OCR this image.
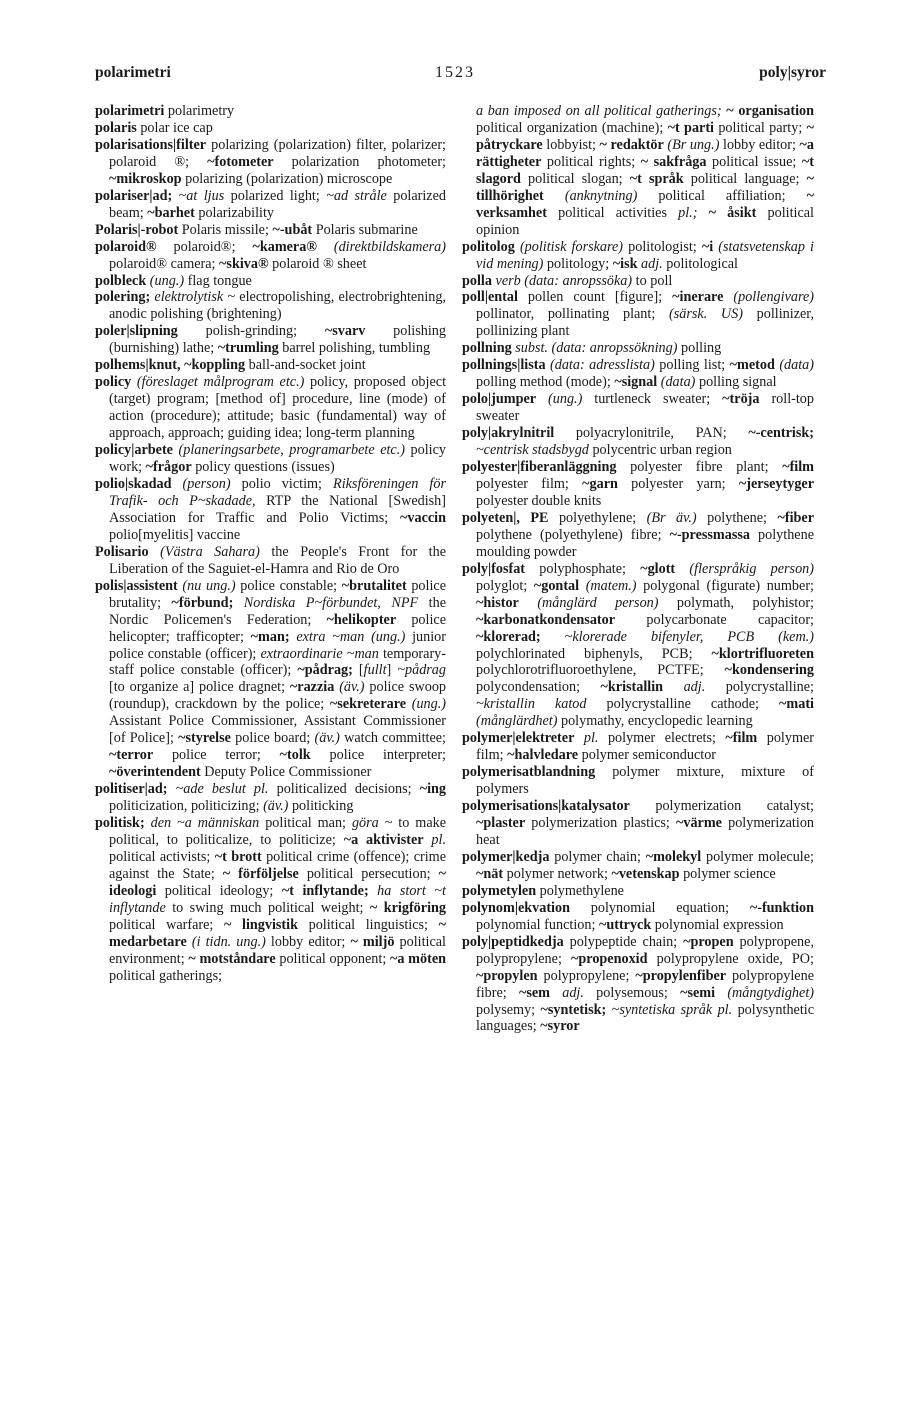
polarimetri	1523	poly|syror
polarimetri polarimetry
polaris polar ice cap
polarisations|filter polarizing (polarization) filter, polarizer; polaroid ®; ~fotometer polarization photometer; ~mikroskop polarizing (polarization) microscope
polariser|ad; ~at ljus polarized light; ~ad stråle polarized beam; ~barhet polarizability
Polaris|-robot Polaris missile; ~-ubåt Polaris submarine
polaroid® polaroid®; ~kamera® (direktbildskamera) polaroid® camera; ~skiva® polaroid ® sheet
polbleck (ung.) flag tongue
polering; elektrolytisk ~ electropolishing, electrobrightening, anodic polishing (brightening)
poler|slipning polish-grinding; ~svarv polishing (burnishing) lathe; ~trumling barrel polishing, tumbling
polhems|knut, ~koppling ball-and-socket joint
policy (föreslaget målprogram etc.) policy, proposed object (target) program; [method of] procedure, line (mode) of action (procedure); attitude; basic (fundamental) way of approach, approach; guiding idea; long-term planning
policy|arbete (planeringsarbete, programarbete etc.) policy work; ~frågor policy questions (issues)
polio|skadad (person) polio victim; Riksföreningen för Trafik- och P~skadade, RTP the National [Swedish] Association for Traffic and Polio Victims; ~vaccin polio[myelitis] vaccine
Polisario (Västra Sahara) the People's Front for the Liberation of the Saguiet-el-Hamra and Rio de Oro
polis|assistent (nu ung.) police constable; ~brutalitet police brutality; ~förbund; Nordiska P~förbundet, NPF the Nordic Policemen's Federation; ~helikopter police helicopter; trafficopter; ~man; extra ~man (ung.) junior police constable (officer); extraordinarie ~man temporary-staff police constable (officer); ~pådrag; [fullt] ~pådrag [to organize a] police dragnet; ~razzia (äv.) police swoop (roundup), crackdown by the police; ~sekreterare (ung.) Assistant Police Commissioner, Assistant Commissioner [of Police]; ~styrelse police board; (äv.) watch committee; ~terror police terror; ~tolk police interpreter; ~överintendent Deputy Police Commissioner
politiser|ad; ~ade beslut pl. politicalized decisions; ~ing politicization, politicizing; (äv.) politicking
politisk; den ~a människan political man; göra ~ to make political, to politicalize, to politicize; ~a aktivister pl. political activists; ~t brott political crime (offence); crime against the State; ~ förföljelse political persecution; ~ ideologi political ideology; ~t inflytande; ha stort ~t inflytande to swing much political weight; ~ krigföring political warfare; ~ lingvistik political linguistics; ~ medarbetare (i tidn. ung.) lobby editor; ~ miljö political environment; ~ motståndare political opponent; ~a möten political gatherings;
a ban imposed on all political gatherings; ~ organisation political organization (machine); ~t parti political party; ~ påtryckare lobbyist; ~ redaktör (Br ung.) lobby editor; ~a rättigheter political rights; ~ sakfråga political issue; ~t slagord political slogan; ~t språk political language; ~ tillhörighet (anknytning) political affiliation; ~ verksamhet political activities pl.; ~ åsikt political opinion
politolog (politisk forskare) politologist; ~i (statsvetenskap i vid mening) politology; ~isk adj. politological
polla verb (data: anropssöka) to poll
poll|ental pollen count [figure]; ~inerare (pollengivare) pollinator, pollinating plant; (särsk. US) pollinizer, pollinizing plant
pollning subst. (data: anropssökning) polling
pollnings|lista (data: adresslista) polling list; ~metod (data) polling method (mode); ~signal (data) polling signal
polo|jumper (ung.) turtleneck sweater; ~tröja roll-top sweater
poly|akrylnitril polyacrylonitrile, PAN; ~-centrisk; ~centrisk stadsbygd polycentric urban region
polyester|fiberanläggning polyester fibre plant; ~film polyester film; ~garn polyester yarn; ~jerseytyger polyester double knits
polyeten|, PE polyethylene; (Br äv.) polythene; ~fiber polythene (polyethylene) fibre; ~-pressmassa polythene moulding powder
poly|fosfat polyphosphate; ~glott (flerspråkig person) polyglot; ~gontal (matem.) polygonal (figurate) number; ~histor (månglärd person) polymath, polyhistor; ~karbonatkondensator polycarbonate capacitor; ~klorerad; ~klorerade bifenyler, PCB (kem.) polychlorinated biphenyls, PCB; ~klortrifluoreten polychlorotrifluoroethylene, PCTFE; ~kondensering polycondensation; ~kristallin adj. polycrystalline; ~kristallin katod polycrystalline cathode; ~mati (månglärdhet) polymathy, encyclopedic learning
polymer|elektreter pl. polymer electrets; ~film polymer film; ~halvledare polymer semiconductor
polymerisatblandning polymer mixture, mixture of polymers
polymerisations|katalysator polymerization catalyst; ~plaster polymerization plastics; ~värme polymerization heat
polymer|kedja polymer chain; ~molekyl polymer molecule; ~nät polymer network; ~vetenskap polymer science
polymetylen polymethylene
polynom|ekvation polynomial equation; ~-funktion polynomial function; ~uttryck polynomial expression
poly|peptidkedja polypeptide chain; ~propen polypropene, polypropylene; ~propenoxid polypropylene oxide, PO; ~propylen polypropylene; ~propylenfiber polypropylene fibre; ~sem adj. polysemous; ~semi (mångtydighet) polysemy; ~syntetisk; ~syntetiska språk pl. polysynthetic languages; ~syror
